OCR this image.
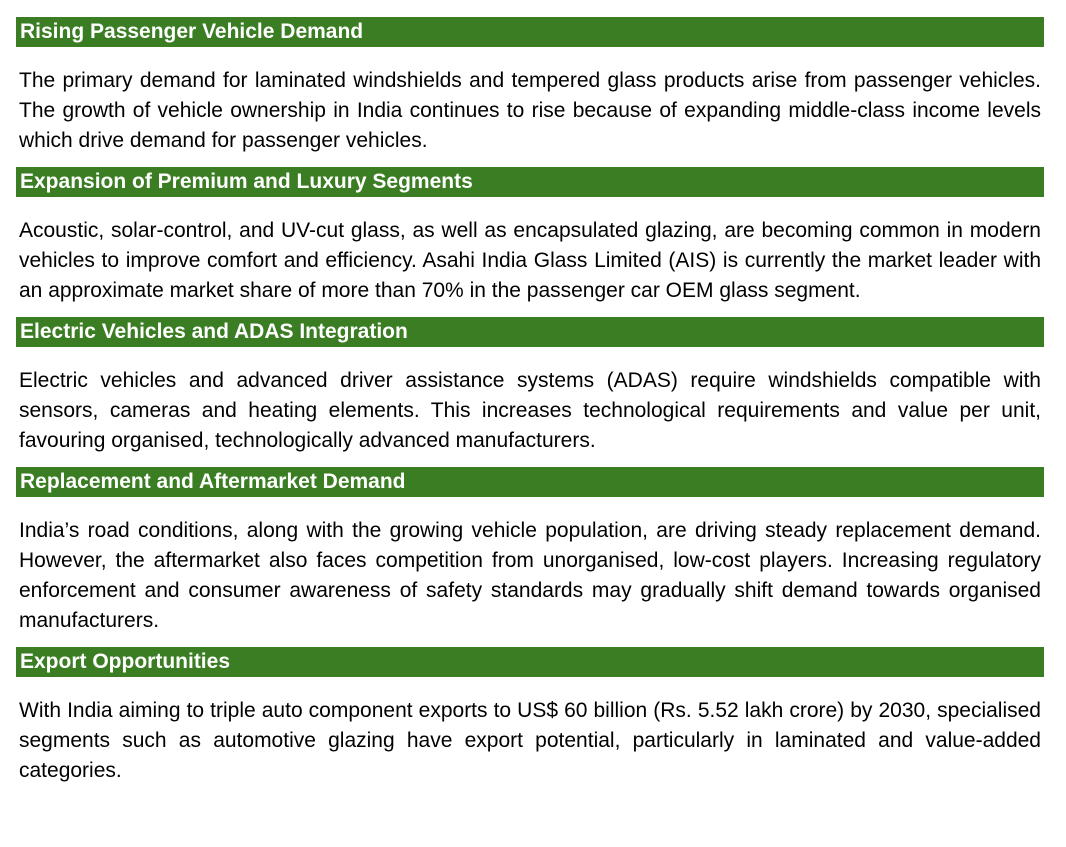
Rising Passenger Vehicle Demand
The primary demand for laminated windshields and tempered glass products arise from passenger vehicles. The growth of vehicle ownership in India continues to rise because of expanding middle-class income levels which drive demand for passenger vehicles.
Expansion of Premium and Luxury Segments
Acoustic, solar-control, and UV-cut glass, as well as encapsulated glazing, are becoming common in modern vehicles to improve comfort and efficiency. Asahi India Glass Limited (AIS) is currently the market leader with an approximate market share of more than 70% in the passenger car OEM glass segment.
Electric Vehicles and ADAS Integration
Electric vehicles and advanced driver assistance systems (ADAS) require windshields compatible with sensors, cameras and heating elements. This increases technological requirements and value per unit, favouring organised, technologically advanced manufacturers.
Replacement and Aftermarket Demand
India’s road conditions, along with the growing vehicle population, are driving steady replacement demand. However, the aftermarket also faces competition from unorganised, low-cost players. Increasing regulatory enforcement and consumer awareness of safety standards may gradually shift demand towards organised manufacturers.
Export Opportunities
With India aiming to triple auto component exports to US$ 60 billion (Rs. 5.52 lakh crore) by 2030, specialised segments such as automotive glazing have export potential, particularly in laminated and value-added categories.
